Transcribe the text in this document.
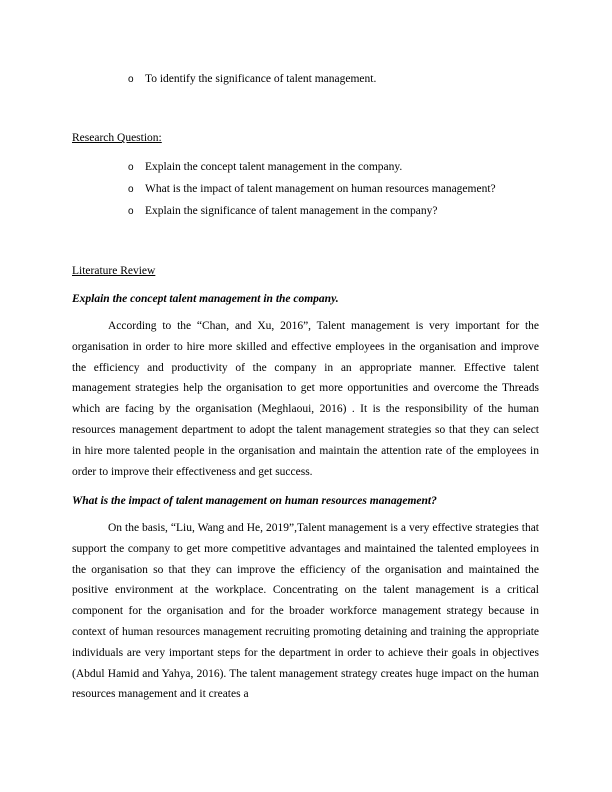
o To identify the significance of talent management.
Research Question:
o Explain the concept talent management in the company.
o What is the impact of talent management on human resources management?
o Explain the significance of talent management in the company?
Literature Review
Explain the concept talent management in the company.

According to the “Chan, and Xu, 2016”, Talent management is very important for the organisation in order to hire more skilled and effective employees in the organisation and improve the efficiency and productivity of the company in an appropriate manner. Effective talent management strategies help the organisation to get more opportunities and overcome the Threads which are facing by the organisation (Meghlaoui, 2016) . It is the responsibility of the human resources management department to adopt the talent management strategies so that they can select in hire more talented people in the organisation and maintain the attention rate of the employees in order to improve their effectiveness and get success.

What is the impact of talent management on human resources management?

On the basis, “Liu, Wang and He, 2019”,Talent management is a very effective strategies that support the company to get more competitive advantages and maintained the talented employees in the organisation so that they can improve the efficiency of the organisation and maintained the positive environment at the workplace. Concentrating on the talent management is a critical component for the organisation and for the broader workforce management strategy because in context of human resources management recruiting promoting detaining and training the appropriate individuals are very important steps for the department in order to achieve their goals in objectives (Abdul Hamid and Yahya, 2016). The talent management strategy creates huge impact on the human resources management and it creates a
